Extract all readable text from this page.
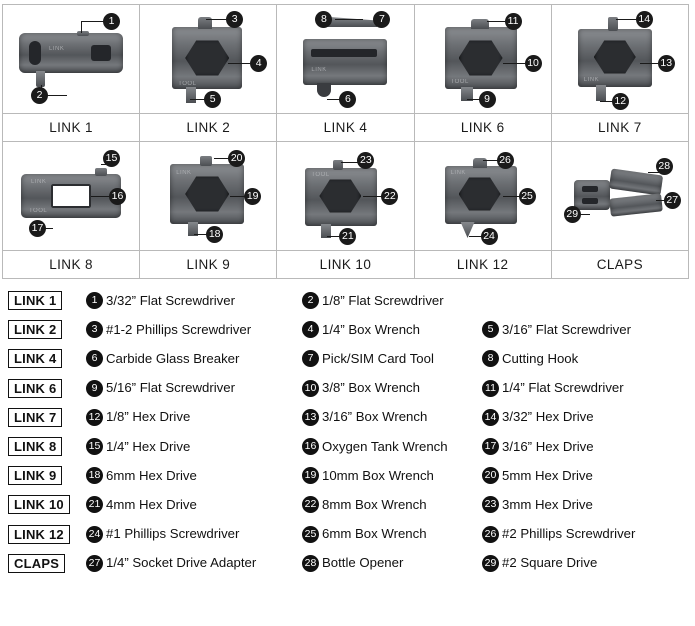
LINK
1
2
LINK 1
TOOL
3
4
5
LINK 2
LINK
8	7
6
LINK 4
TOOL
11
10
9
LINK 6
LINK
14
13
12
LINK 7
LINK
TOOL
15
16
17
LINK 8
LINK
20
19
18
LINK 9
TOOL
23
22
21
LINK 10
LINK
26
25
24
LINK 12
28
27
29
CLAPS
LINK 1	1 3/32” Flat Screwdriver	2 1/8” Flat Screwdriver
LINK 2	3 #1-2 Phillips Screwdriver	4 1/4” Box Wrench	5 3/16” Flat Screwdriver
LINK 4	6 Carbide Glass Breaker	7 Pick/SIM Card Tool	8 Cutting Hook
LINK 6	9 5/16” Flat Screwdriver	10 3/8” Box Wrench	11 1/4” Flat Screwdriver
LINK 7	12 1/8” Hex Drive	13 3/16” Box Wrench	14 3/32” Hex Drive
LINK 8	15 1/4” Hex Drive	16 Oxygen Tank Wrench	17 3/16” Hex Drive
LINK 9	18 6mm Hex Drive	19 10mm Box Wrench	20 5mm Hex Drive
LINK 10	21 4mm Hex Drive	22 8mm Box Wrench	23 3mm Hex Drive
LINK 12	24 #1 Phillips Screwdriver	25 6mm Box Wrench	26 #2 Phillips Screwdriver
CLAPS	27 1/4” Socket Drive Adapter	28 Bottle Opener	29 #2 Square Drive
